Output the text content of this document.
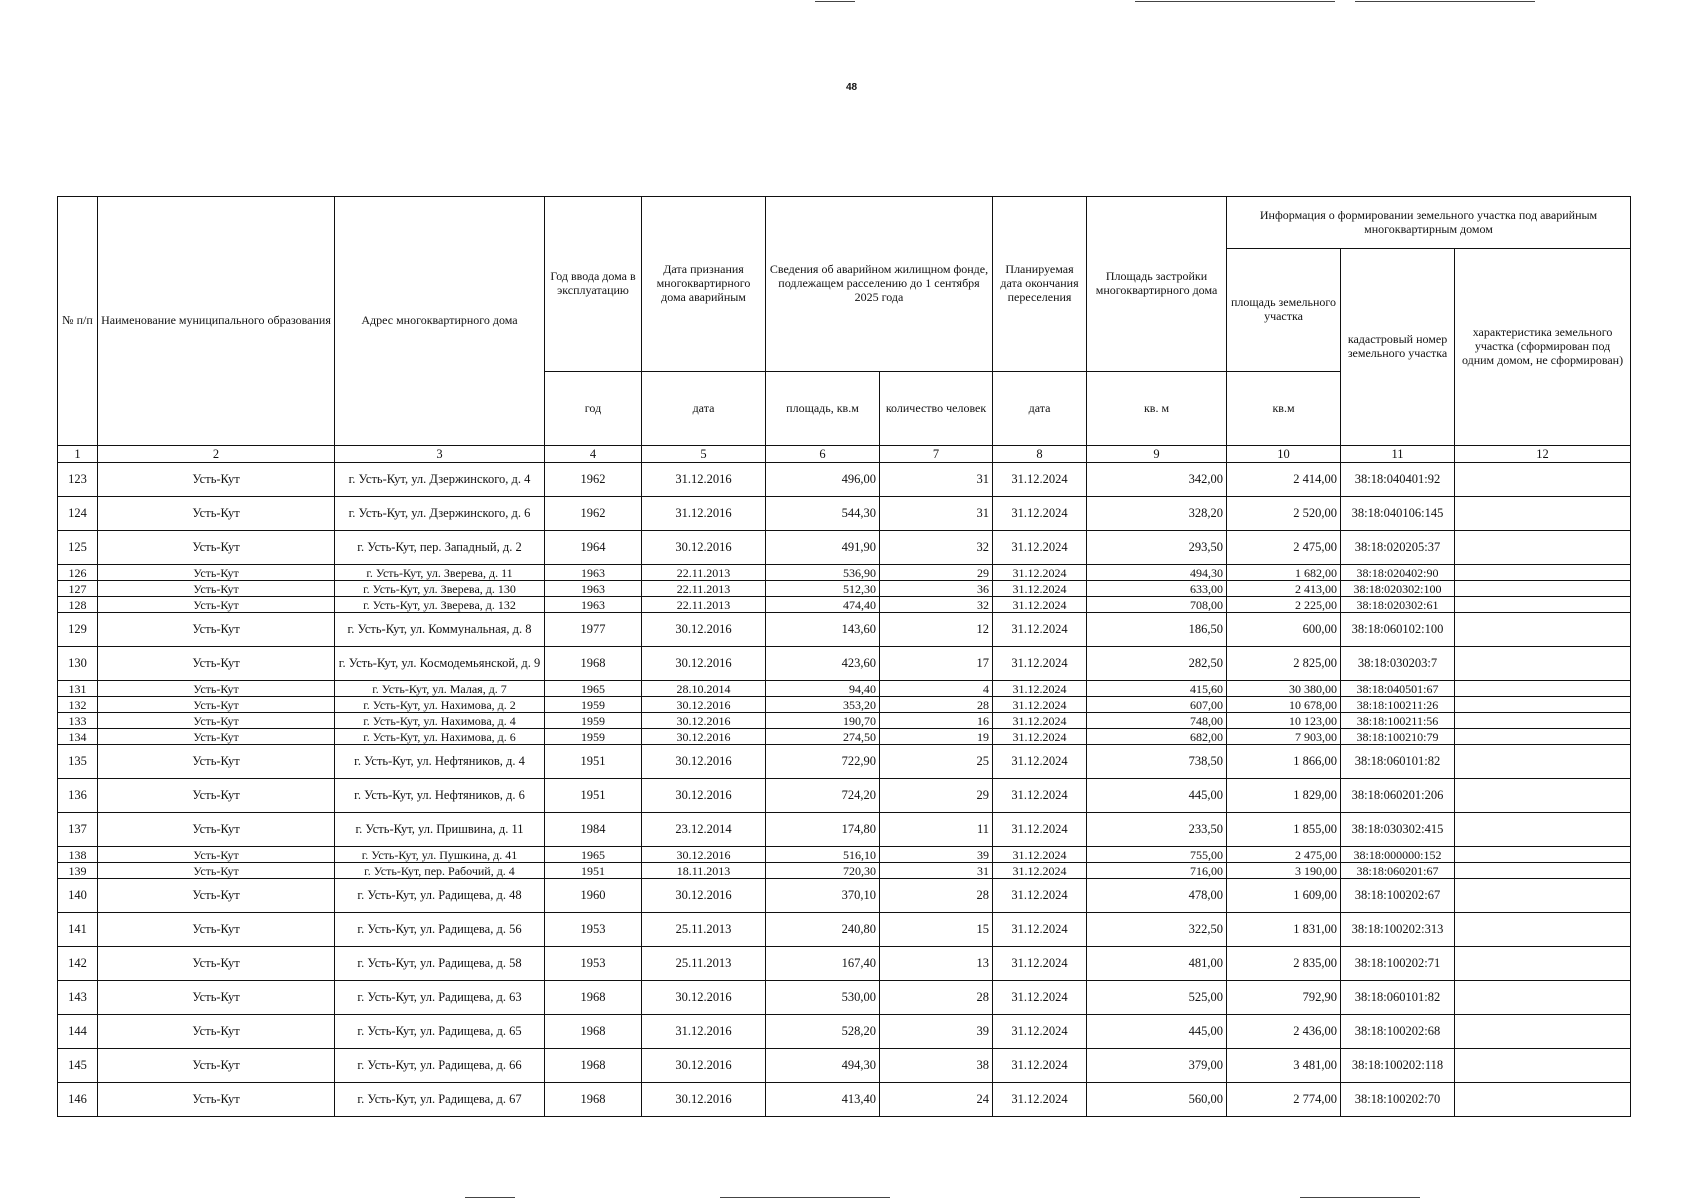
48
№ п/п	Наименование муниципального образования	Адрес многоквартирного дома	Год ввода дома в эксплуатацию	Дата признания многоквартирного дома аварийным	Сведения об аварийном жилищном фонде, подлежащем расселению до 1 сентября 2025 года		Планируемая дата окончания переселения	Площадь застройки многоквартирного дома	Информация о формировании земельного участка под аварийным многоквартирным домом		
									площадь земельного участка	кадастровый номер земельного участка	характеристика земельного участка (сформирован под одним домом, не сформирован)
			год	дата	площадь, кв.м	количество человек	дата	кв. м	кв.м		
1	2	3	4	5	6	7	8	9	10	11	12
123	Усть-Кут	г. Усть-Кут, ул. Дзержинского, д. 4	1962	31.12.2016	496,00	31	31.12.2024	342,00	2 414,00	38:18:040401:92	
124	Усть-Кут	г. Усть-Кут, ул. Дзержинского, д. 6	1962	31.12.2016	544,30	31	31.12.2024	328,20	2 520,00	38:18:040106:145	
125	Усть-Кут	г. Усть-Кут, пер. Западный, д. 2	1964	30.12.2016	491,90	32	31.12.2024	293,50	2 475,00	38:18:020205:37	
126	Усть-Кут	г. Усть-Кут, ул. Зверева, д. 11	1963	22.11.2013	536,90	29	31.12.2024	494,30	1 682,00	38:18:020402:90	
127	Усть-Кут	г. Усть-Кут, ул. Зверева, д. 130	1963	22.11.2013	512,30	36	31.12.2024	633,00	2 413,00	38:18:020302:100	
128	Усть-Кут	г. Усть-Кут, ул. Зверева, д. 132	1963	22.11.2013	474,40	32	31.12.2024	708,00	2 225,00	38:18:020302:61	
129	Усть-Кут	г. Усть-Кут, ул. Коммунальная, д. 8	1977	30.12.2016	143,60	12	31.12.2024	186,50	600,00	38:18:060102:100	
130	Усть-Кут	г. Усть-Кут, ул. Космодемьянской, д. 9	1968	30.12.2016	423,60	17	31.12.2024	282,50	2 825,00	38:18:030203:7	
131	Усть-Кут	г. Усть-Кут, ул. Малая, д. 7	1965	28.10.2014	94,40	4	31.12.2024	415,60	30 380,00	38:18:040501:67	
132	Усть-Кут	г. Усть-Кут, ул. Нахимова, д. 2	1959	30.12.2016	353,20	28	31.12.2024	607,00	10 678,00	38:18:100211:26	
133	Усть-Кут	г. Усть-Кут, ул. Нахимова, д. 4	1959	30.12.2016	190,70	16	31.12.2024	748,00	10 123,00	38:18:100211:56	
134	Усть-Кут	г. Усть-Кут, ул. Нахимова, д. 6	1959	30.12.2016	274,50	19	31.12.2024	682,00	7 903,00	38:18:100210:79	
135	Усть-Кут	г. Усть-Кут, ул. Нефтяников, д. 4	1951	30.12.2016	722,90	25	31.12.2024	738,50	1 866,00	38:18:060101:82	
136	Усть-Кут	г. Усть-Кут, ул. Нефтяников, д. 6	1951	30.12.2016	724,20	29	31.12.2024	445,00	1 829,00	38:18:060201:206	
137	Усть-Кут	г. Усть-Кут, ул. Пришвина, д. 11	1984	23.12.2014	174,80	11	31.12.2024	233,50	1 855,00	38:18:030302:415	
138	Усть-Кут	г. Усть-Кут, ул. Пушкина, д. 41	1965	30.12.2016	516,10	39	31.12.2024	755,00	2 475,00	38:18:000000:152	
139	Усть-Кут	г. Усть-Кут, пер. Рабочий, д. 4	1951	18.11.2013	720,30	31	31.12.2024	716,00	3 190,00	38:18:060201:67	
140	Усть-Кут	г. Усть-Кут, ул. Радищева, д. 48	1960	30.12.2016	370,10	28	31.12.2024	478,00	1 609,00	38:18:100202:67	
141	Усть-Кут	г. Усть-Кут, ул. Радищева, д. 56	1953	25.11.2013	240,80	15	31.12.2024	322,50	1 831,00	38:18:100202:313	
142	Усть-Кут	г. Усть-Кут, ул. Радищева, д. 58	1953	25.11.2013	167,40	13	31.12.2024	481,00	2 835,00	38:18:100202:71	
143	Усть-Кут	г. Усть-Кут, ул. Радищева, д. 63	1968	30.12.2016	530,00	28	31.12.2024	525,00	792,90	38:18:060101:82	
144	Усть-Кут	г. Усть-Кут, ул. Радищева, д. 65	1968	31.12.2016	528,20	39	31.12.2024	445,00	2 436,00	38:18:100202:68	
145	Усть-Кут	г. Усть-Кут, ул. Радищева, д. 66	1968	30.12.2016	494,30	38	31.12.2024	379,00	3 481,00	38:18:100202:118	
146	Усть-Кут	г. Усть-Кут, ул. Радищева, д. 67	1968	30.12.2016	413,40	24	31.12.2024	560,00	2 774,00	38:18:100202:70	
